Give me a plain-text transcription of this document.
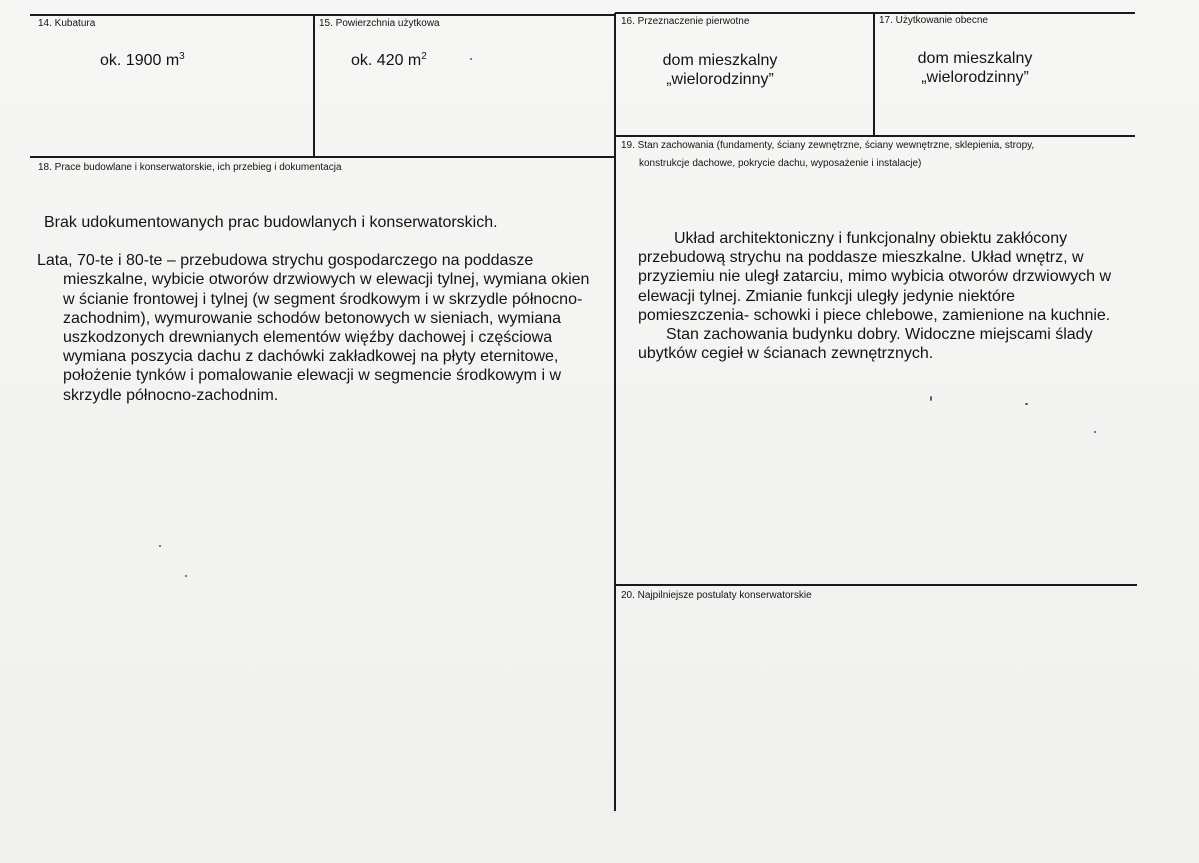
14. Kubatura
ok. 1900 $m^3$
15. Powierzchnia użytkowa
ok. 420 $m^2$
16. Przeznaczenie pierwotne
dom mieszkalny
„wielorodzinny”
17. Użytkowanie obecne
dom mieszkalny
„wielorodzinny”
18. Prace budowlane i konserwatorskie, ich przebieg i dokumentacja

Brak udokumentowanych prac budowlanych i konserwatorskich.

Lata, 70-te i 80-te – przebudowa strychu gospodarczego na poddasze mieszkalne, wybicie otworów drzwiowych w elewacji tylnej, wymiana okien w ścianie frontowej i tylnej (w segment środkowym i w skrzydle północno-zachodnim), wymurowanie schodów betonowych w sieniach, wymiana uszkodzonych drewnianych elementów więźby dachowej i częściowa wymiana poszycia dachu z dachówki zakładkowej na płyty eternitowe, położenie tynków i pomalowanie elewacji w segmencie środkowym i w skrzydle północno-zachodnim.

19. Stan zachowania (fundamenty, ściany zewnętrzne, ściany wewnętrzne, sklepienia, stropy,
konstrukcje dachowe, pokrycie dachu, wyposażenie i instalacje)

Układ architektoniczny i funkcjonalny obiektu zakłócony przebudową strychu na poddasze mieszkalne. Układ wnętrz, w przyziemiu nie uległ zatarciu, mimo wybicia otworów drzwiowych w elewacji tylnej. Zmianie funkcji uległy jedynie niektóre pomieszczenia- schowki i piece chlebowe, zamienione na kuchnie.

Stan zachowania budynku dobry. Widoczne miejscami ślady ubytków cegieł w ścianach zewnętrznych.

20. Najpilniejsze postulaty konserwatorskie
